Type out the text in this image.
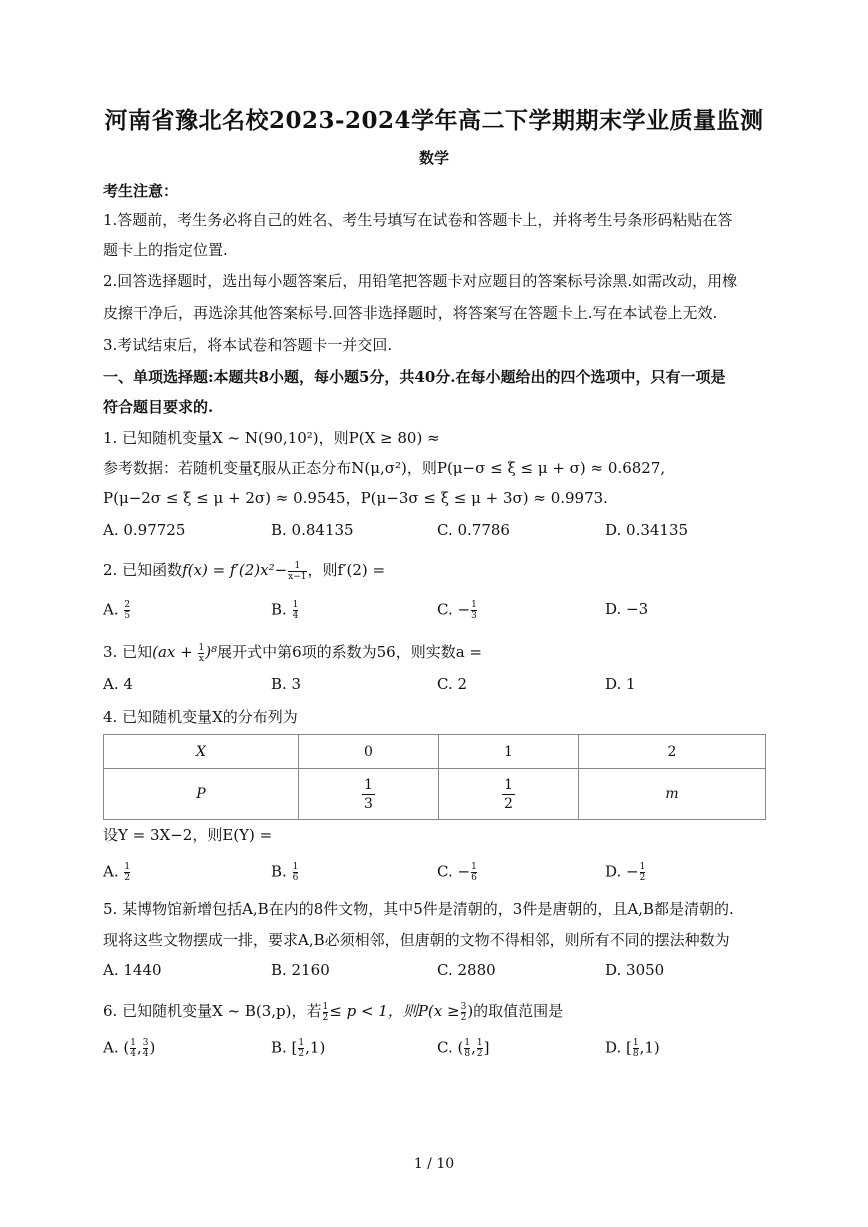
河南省豫北名校2023-2024学年高二下学期期末学业质量监测
数学
考生注意：
1.答题前，考生务必将自己的姓名、考生号填写在试卷和答题卡上，并将考生号条形码粘贴在答
题卡上的指定位置.
2.回答选择题时，选出每小题答案后，用铅笔把答题卡对应题目的答案标号涂黑.如需改动，用橡
皮擦干净后，再选涂其他答案标号.回答非选择题时，将答案写在答题卡上.写在本试卷上无效.
3.考试结束后，将本试卷和答题卡一并交回.
一、单项选择题:本题共8小题，每小题5分，共40分.在每小题给出的四个选项中，只有一项是
符合题目要求的.
1. 已知随机变量X ~ N(90,10²)，则P(X ≥ 80) ≈
参考数据：若随机变量ξ服从正态分布N(μ,σ²)，则P(μ−σ ≤ ξ ≤ μ + σ) ≈ 0.6827,
P(μ−2σ ≤ ξ ≤ μ + 2σ) ≈ 0.9545，P(μ−3σ ≤ ξ ≤ μ + 3σ) ≈ 0.9973.
A. 0.97725	B. 0.84135	C. 0.7786	D. 0.34135
2. 已知函数$f(x) = f'(2)x^2- \frac{1}{x-1}$ ，则f′(2) =
A. $\frac{2}{5}$	B. $\frac{1}{4}$	C. − $\frac{1}{3}$	D. −3
3. 已知$(ax + \frac{1}{x} )^8$展开式中第6项的系数为56，则实数a =
A. 4	B. 3	C. 2	D. 1
4. 已知随机变量X的分布列为
X	0	1	2
P	$\frac{1}{3}$	$\frac{1}{2}$	m
设Y = 3X−2，则E(Y) =
A. $\frac{1}{2}$	B. $\frac{1}{6}$	C. − $\frac{1}{6}$	D. − $\frac{1}{2}$
5. 某博物馆新增包括A,B在内的8件文物，其中5件是清朝的，3件是唐朝的，且A,B都是清朝的.
现将这些文物摆成一排，要求A,B必须相邻，但唐朝的文物不得相邻，则所有不同的摆法种数为
A. 1440	B. 2160	C. 2880	D. 3050
6. 已知随机变量X ~ B(3,p)，若 $\frac{1}{2} \le p < 1$，则$P(x \ge \frac{3}{2}$ )的取值范围是
A. ( $\frac{1}{4}$ , $\frac{3}{4}$ )	B. [ $\frac{1}{2} ,1$)	C. ( $\frac{1}{8}$ , $\frac{1}{2}$ ]	D. [ $\frac{1}{8} ,1$)
1 / 10
